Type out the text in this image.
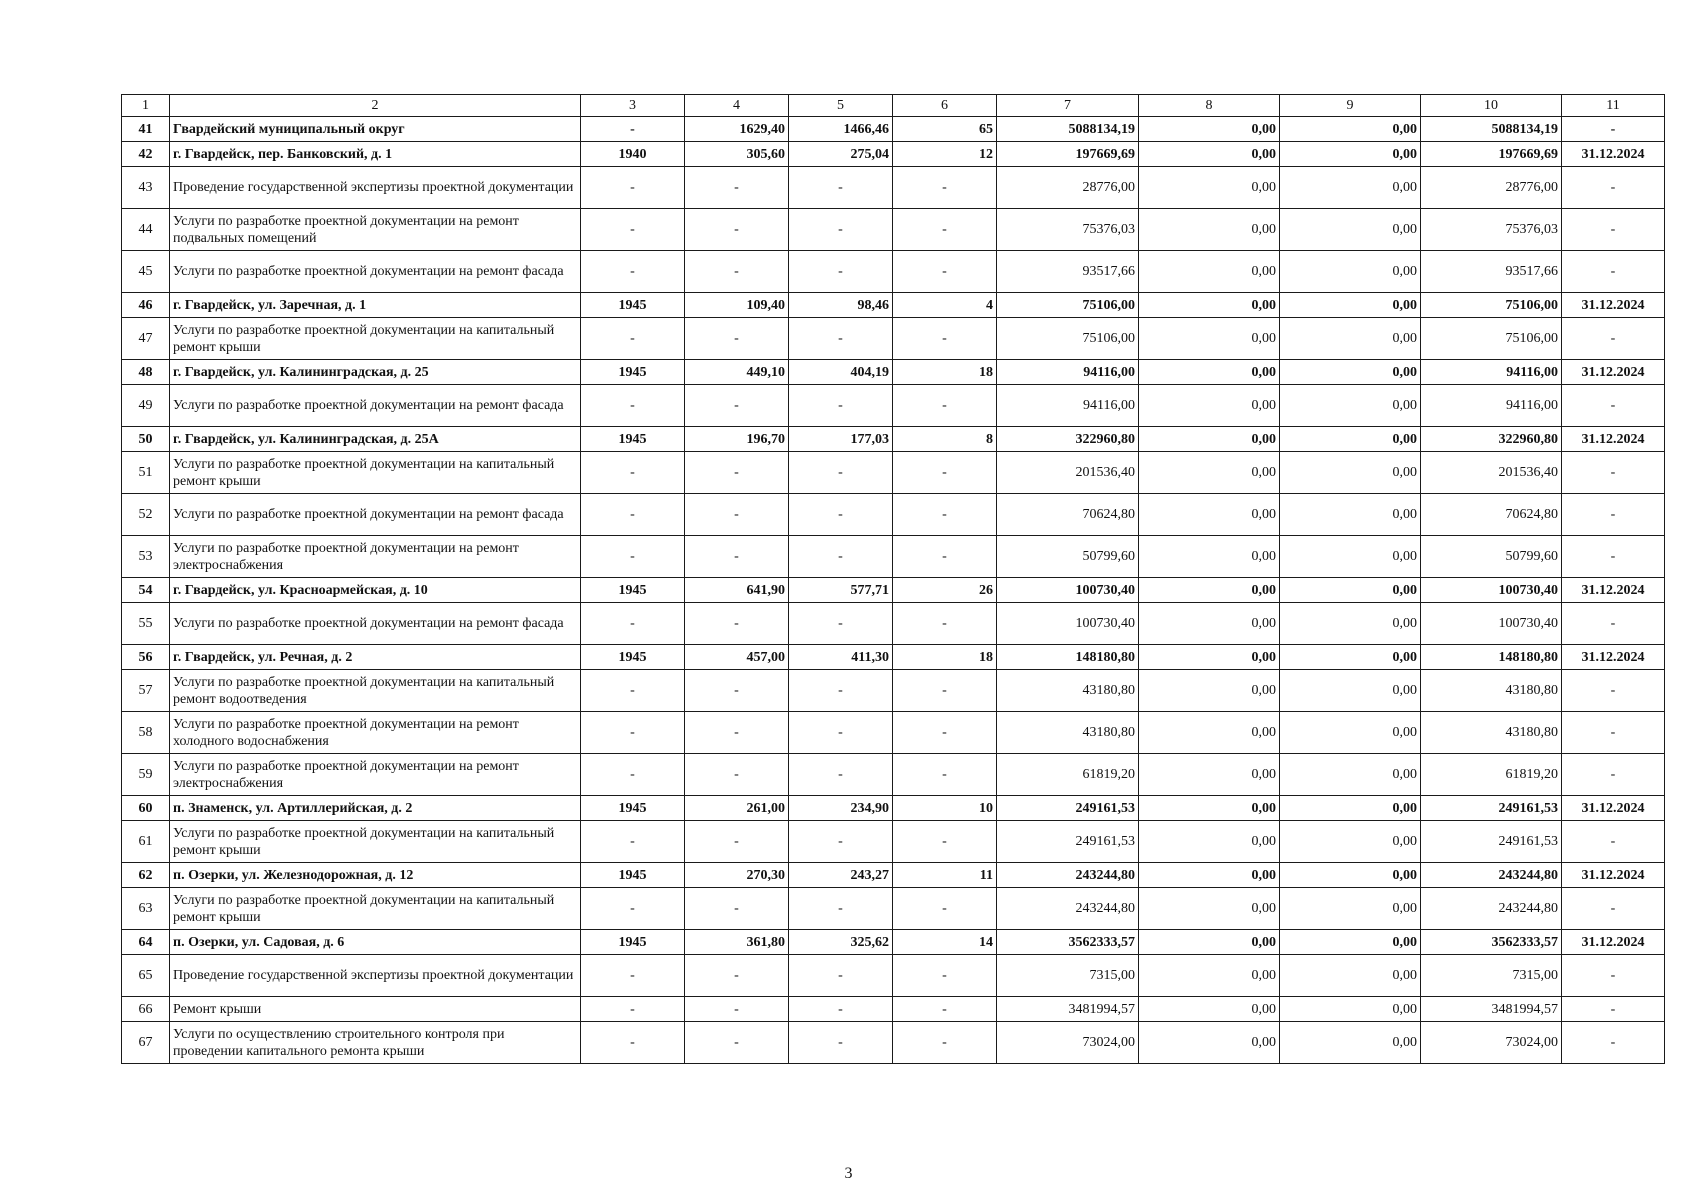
1	2	3	4	5	6	7	8	9	10	11
41	Гвардейский муниципальный округ	-	1629,40	1466,46	65	5088134,19	0,00	0,00	5088134,19	-
42	г. Гвардейск, пер. Банковский, д. 1	1940	305,60	275,04	12	197669,69	0,00	0,00	197669,69	31.12.2024
43	Проведение государственной экспертизы проектной документации	-	-	-	-	28776,00	0,00	0,00	28776,00	-
44	Услуги по разработке проектной документации на ремонт подвальных помещений	-	-	-	-	75376,03	0,00	0,00	75376,03	-
45	Услуги по разработке проектной документации на ремонт фасада	-	-	-	-	93517,66	0,00	0,00	93517,66	-
46	г. Гвардейск, ул. Заречная, д. 1	1945	109,40	98,46	4	75106,00	0,00	0,00	75106,00	31.12.2024
47	Услуги по разработке проектной документации на капитальный ремонт крыши	-	-	-	-	75106,00	0,00	0,00	75106,00	-
48	г. Гвардейск, ул. Калининградская, д. 25	1945	449,10	404,19	18	94116,00	0,00	0,00	94116,00	31.12.2024
49	Услуги по разработке проектной документации на ремонт фасада	-	-	-	-	94116,00	0,00	0,00	94116,00	-
50	г. Гвардейск, ул. Калининградская, д. 25А	1945	196,70	177,03	8	322960,80	0,00	0,00	322960,80	31.12.2024
51	Услуги по разработке проектной документации на капитальный ремонт крыши	-	-	-	-	201536,40	0,00	0,00	201536,40	-
52	Услуги по разработке проектной документации на ремонт фасада	-	-	-	-	70624,80	0,00	0,00	70624,80	-
53	Услуги по разработке проектной документации на ремонт электроснабжения	-	-	-	-	50799,60	0,00	0,00	50799,60	-
54	г. Гвардейск, ул. Красноармейская, д. 10	1945	641,90	577,71	26	100730,40	0,00	0,00	100730,40	31.12.2024
55	Услуги по разработке проектной документации на ремонт фасада	-	-	-	-	100730,40	0,00	0,00	100730,40	-
56	г. Гвардейск, ул. Речная, д. 2	1945	457,00	411,30	18	148180,80	0,00	0,00	148180,80	31.12.2024
57	Услуги по разработке проектной документации на капитальный ремонт водоотведения	-	-	-	-	43180,80	0,00	0,00	43180,80	-
58	Услуги по разработке проектной документации на ремонт холодного водоснабжения	-	-	-	-	43180,80	0,00	0,00	43180,80	-
59	Услуги по разработке проектной документации на ремонт электроснабжения	-	-	-	-	61819,20	0,00	0,00	61819,20	-
60	п. Знаменск, ул. Артиллерийская, д. 2	1945	261,00	234,90	10	249161,53	0,00	0,00	249161,53	31.12.2024
61	Услуги по разработке проектной документации на капитальный ремонт крыши	-	-	-	-	249161,53	0,00	0,00	249161,53	-
62	п. Озерки, ул. Железнодорожная, д. 12	1945	270,30	243,27	11	243244,80	0,00	0,00	243244,80	31.12.2024
63	Услуги по разработке проектной документации на капитальный ремонт крыши	-	-	-	-	243244,80	0,00	0,00	243244,80	-
64	п. Озерки, ул. Садовая, д. 6	1945	361,80	325,62	14	3562333,57	0,00	0,00	3562333,57	31.12.2024
65	Проведение государственной экспертизы проектной документации	-	-	-	-	7315,00	0,00	0,00	7315,00	-
66	Ремонт крыши	-	-	-	-	3481994,57	0,00	0,00	3481994,57	-
67	Услуги по осуществлению строительного контроля при проведении капитального ремонта крыши	-	-	-	-	73024,00	0,00	0,00	73024,00	-
3
